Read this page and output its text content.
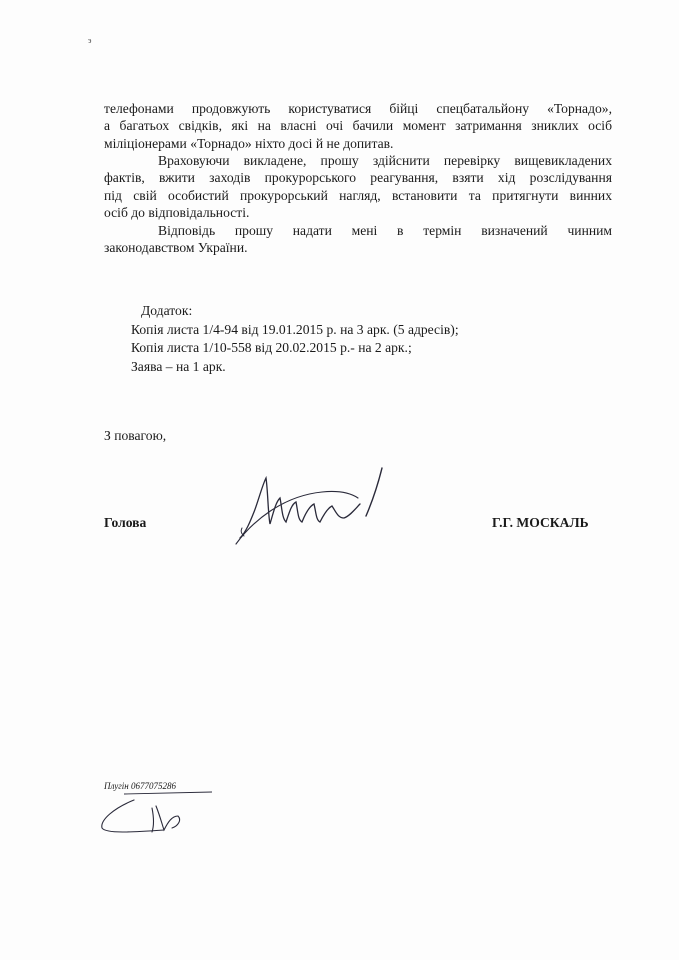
э
телефонами продовжують користуватися бійці спецбатальйону «Торнадо»,
а багатьох свідків, які на власні очі бачили момент затримання зниклих осіб
міліціонерами «Торнадо» ніхто досі й не допитав.
Враховуючи викладене, прошу здійснити перевірку вищевикладених
фактів, вжити заходів прокурорського реагування, взяти хід розслідування
під свій особистий прокурорський нагляд, встановити та притягнути винних
осіб до відповідальності.
Відповідь прошу надати мені в термін визначений чинним
законодавством України.
Додаток:
Копія листа 1/4-94 від 19.01.2015 р. на 3 арк. (5 адресів);
Копія листа 1/10-558 від 20.02.2015 р.- на 2 арк.;
Заява – на 1 арк.
З повагою,
Голова	Г.Г. МОСКАЛЬ
Плугін 0677075286
